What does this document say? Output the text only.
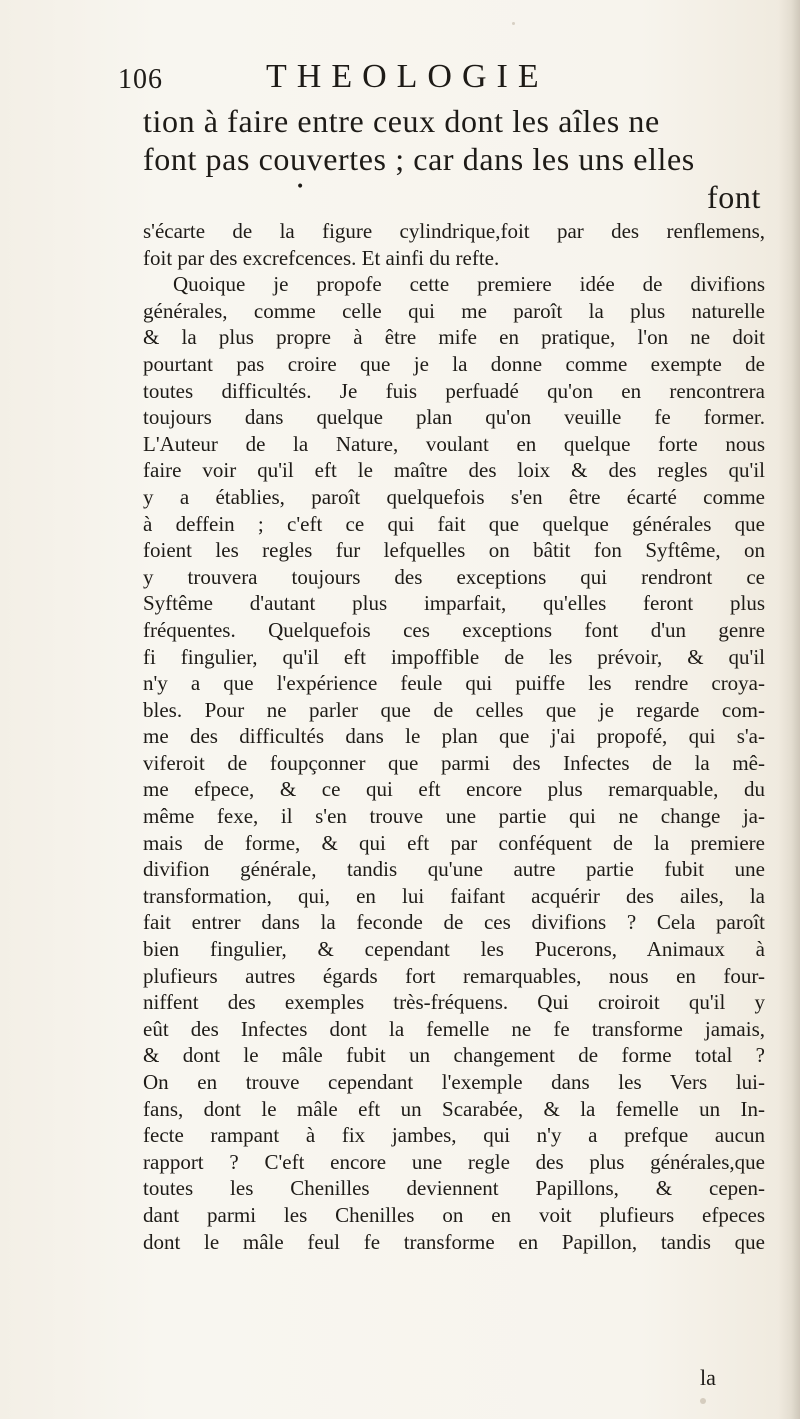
106	THEOLOGIE
tion à faire entre ceux dont les aîles ne
font pas couvertes ; car dans les uns elles
font
•
s'écarte de la figure cylindrique,foit par des renflemens,
foit par des excrefcences. Et ainfi du refte.
Quoique je propofe cette premiere idée de divifions
générales, comme celle qui me paroît la plus naturelle
& la plus propre à être mife en pratique, l'on ne doit
pourtant pas croire que je la donne comme exempte de
toutes difficultés. Je fuis perfuadé qu'on en rencontrera
toujours dans quelque plan qu'on veuille fe former.
L'Auteur de la Nature, voulant en quelque forte nous
faire voir qu'il eft le maître des loix & des regles qu'il
y a établies, paroît quelquefois s'en être écarté comme
à deffein ; c'eft ce qui fait que quelque générales que
foient les regles fur lefquelles on bâtit fon Syftême, on
y trouvera toujours des exceptions qui rendront ce
Syftême d'autant plus imparfait, qu'elles feront plus
fréquentes. Quelquefois ces exceptions font d'un genre
fi fingulier, qu'il eft impoffible de les prévoir, & qu'il
n'y a que l'expérience feule qui puiffe les rendre croya-
bles. Pour ne parler que de celles que je regarde com-
me des difficultés dans le plan que j'ai propofé, qui s'a-
viferoit de foupçonner que parmi des Infectes de la mê-
me efpece, & ce qui eft encore plus remarquable, du
même fexe, il s'en trouve une partie qui ne change ja-
mais de forme, & qui eft par conféquent de la premiere
divifion générale, tandis qu'une autre partie fubit une
transformation, qui, en lui faifant acquérir des ailes, la
fait entrer dans la feconde de ces divifions ? Cela paroît
bien fingulier, & cependant les Pucerons, Animaux à
plufieurs autres égards fort remarquables, nous en four-
niffent des exemples très-fréquens. Qui croiroit qu'il y
eût des Infectes dont la femelle ne fe transforme jamais,
& dont le mâle fubit un changement de forme total ?
On en trouve cependant l'exemple dans les Vers lui-
fans, dont le mâle eft un Scarabée, & la femelle un In-
fecte rampant à fix jambes, qui n'y a prefque aucun
rapport ? C'eft encore une regle des plus générales,que
toutes les Chenilles deviennent Papillons, & cepen-
dant parmi les Chenilles on en voit plufieurs efpeces
dont le mâle feul fe transforme en Papillon, tandis que
la
